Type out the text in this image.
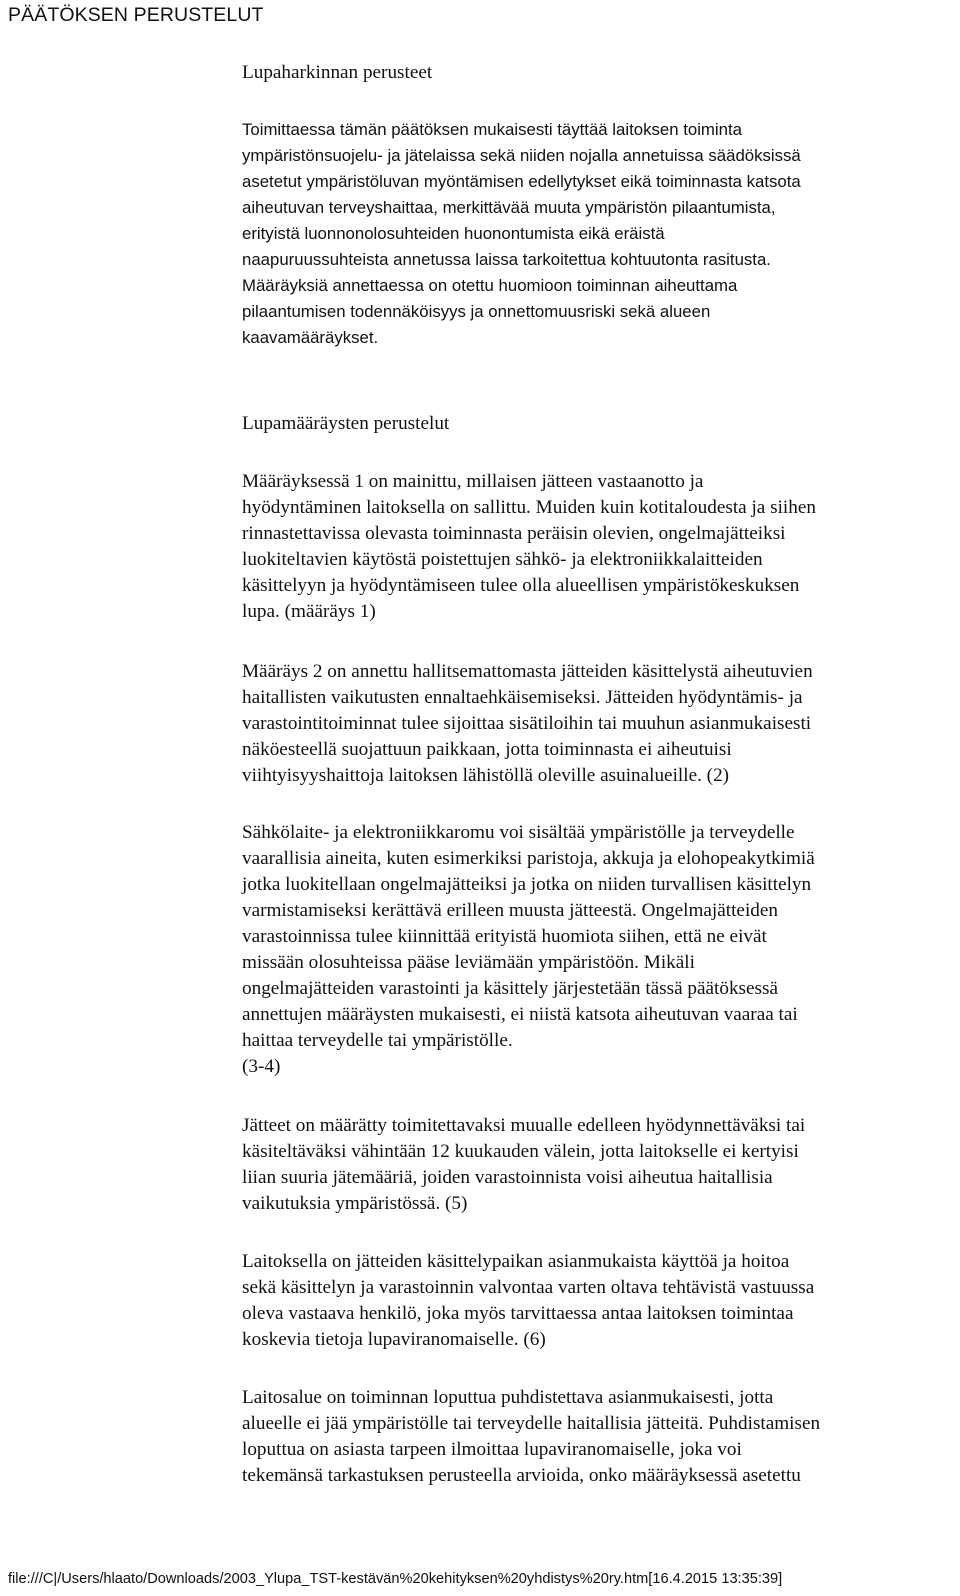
PÄÄTÖKSEN PERUSTELUT
Lupaharkinnan perusteet

Toimittaessa tämän päätöksen mukaisesti täyttää laitoksen toiminta
ympäristönsuojelu- ja jätelaissa sekä niiden nojalla annetuissa säädöksissä
asetetut ympäristöluvan myöntämisen edellytykset eikä toiminnasta katsota
aiheutuvan terveyshaittaa, merkittävää muuta ympäristön pilaantumista,
erityistä luonnonolosuhteiden huonontumista eikä eräistä
naapuruussuhteista annetussa laissa tarkoitettua kohtuutonta rasitusta.
Määräyksiä annettaessa on otettu huomioon toiminnan aiheuttama
pilaantumisen todennäköisyys ja onnettomuusriski sekä alueen
kaavamääräykset.

Lupamääräysten perustelut

Määräyksessä 1 on mainittu, millaisen jätteen vastaanotto ja
hyödyntäminen laitoksella on sallittu. Muiden kuin kotitaloudesta ja siihen
rinnastettavissa olevasta toiminnasta peräisin olevien, ongelmajätteiksi
luokiteltavien käytöstä poistettujen sähkö- ja elektroniikkalaitteiden
käsittelyyn ja hyödyntämiseen tulee olla alueellisen ympäristökeskuksen
lupa. (määräys 1)

Määräys 2 on annettu hallitsemattomasta jätteiden käsittelystä aiheutuvien
haitallisten vaikutusten ennaltaehkäisemiseksi. Jätteiden hyödyntämis- ja
varastointitoiminnat tulee sijoittaa sisätiloihin tai muuhun asianmukaisesti
näköesteellä suojattuun paikkaan, jotta toiminnasta ei aiheutuisi
viihtyisyyshaittoja laitoksen lähistöllä oleville asuinalueille. (2)

Sähkölaite- ja elektroniikkaromu voi sisältää ympäristölle ja terveydelle
vaarallisia aineita, kuten esimerkiksi paristoja, akkuja ja elohopeakytkimiä
jotka luokitellaan ongelmajätteiksi ja jotka on niiden turvallisen käsittelyn
varmistamiseksi kerättävä erilleen muusta jätteestä. Ongelmajätteiden
varastoinnissa tulee kiinnittää erityistä huomiota siihen, että ne eivät
missään olosuhteissa pääse leviämään ympäristöön. Mikäli
ongelmajätteiden varastointi ja käsittely järjestetään tässä päätöksessä
annettujen määräysten mukaisesti, ei niistä katsota aiheutuvan vaaraa tai
haittaa terveydelle tai ympäristölle.
(3-4)

Jätteet on määrätty toimitettavaksi muualle edelleen hyödynnettäväksi tai
käsiteltäväksi vähintään 12 kuukauden välein, jotta laitokselle ei kertyisi
liian suuria jätemääriä, joiden varastoinnista voisi aiheutua haitallisia
vaikutuksia ympäristössä. (5)

Laitoksella on jätteiden käsittelypaikan asianmukaista käyttöä ja hoitoa
sekä käsittelyn ja varastoinnin valvontaa varten oltava tehtävistä vastuussa
oleva vastaava henkilö, joka myös tarvittaessa antaa laitoksen toimintaa
koskevia tietoja lupaviranomaiselle. (6)

Laitosalue on toiminnan loputtua puhdistettava asianmukaisesti, jotta
alueelle ei jää ympäristölle tai terveydelle haitallisia jätteitä. Puhdistamisen
loputtua on asiasta tarpeen ilmoittaa lupaviranomaiselle, joka voi
tekemänsä tarkastuksen perusteella arvioida, onko määräyksessä asetettu

file:///C|/Users/hlaato/Downloads/2003_Ylupa_TST-kestävän%20kehityksen%20yhdistys%20ry.htm[16.4.2015 13:35:39]
